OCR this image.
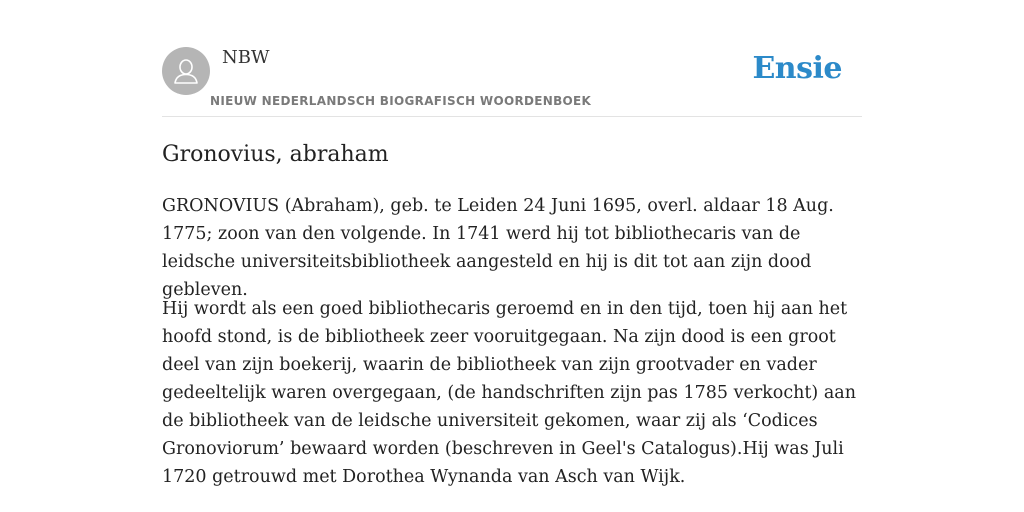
NBW
NIEUW NEDERLANDSCH BIOGRAFISCH WOORDENBOEK
Ensie
Gronovius, abraham

GRONOVIUS (Abraham), geb. te Leiden 24 Juni 1695, overl. aldaar 18 Aug. 1775; zoon van den volgende. In 1741 werd hij tot bibliothecaris van de leidsche universiteitsbibliotheek aangesteld en hij is dit tot aan zijn dood gebleven.

Hij wordt als een goed bibliothecaris geroemd en in den tijd, toen hij aan het hoofd stond, is de bibliotheek zeer vooruitgegaan. Na zijn dood is een groot deel van zijn boekerij, waarin de bibliotheek van zijn grootvader en vader gedeeltelijk waren overgegaan, (de handschriften zijn pas 1785 verkocht) aan de bibliotheek van de leidsche universiteit gekomen, waar zij als ‘Codices Gronoviorum’ bewaard worden (beschreven in Geel's Catalogus).Hij was Juli 1720 getrouwd met Dorothea Wynanda van Asch van Wijk.
